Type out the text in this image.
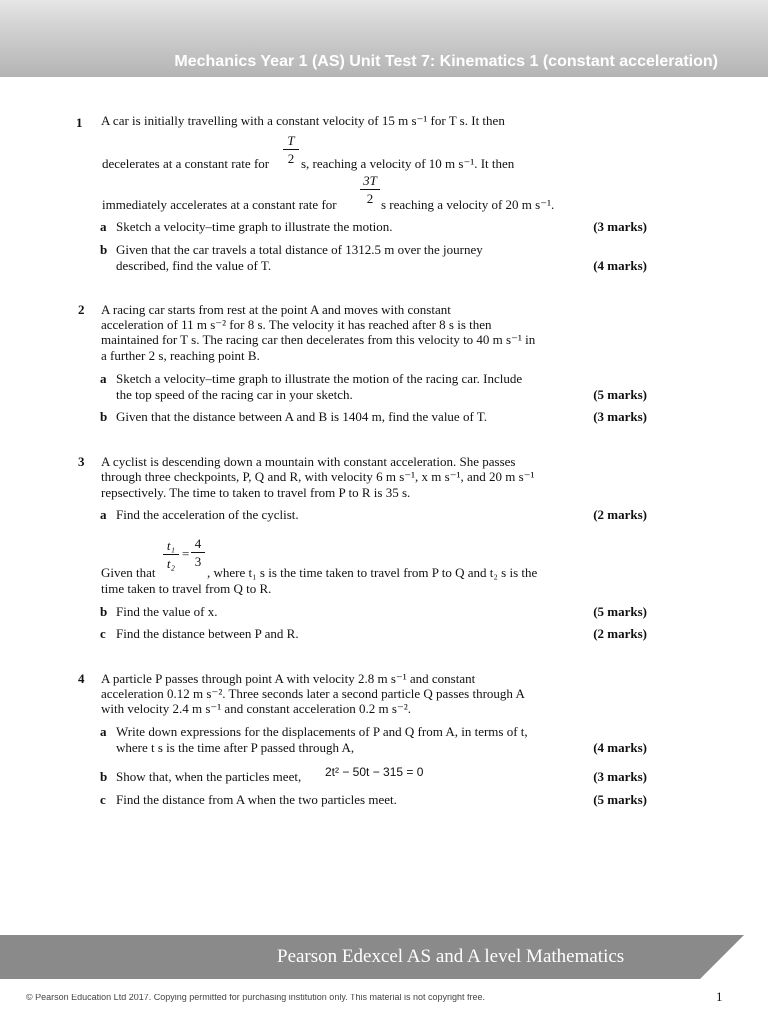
Mechanics Year 1 (AS) Unit Test 7: Kinematics 1 (constant acceleration)
1 A car is initially travelling with a constant velocity of 15 m s⁻¹ for T s. It then
T
2
decelerates at a constant rate for s, reaching a velocity of 10 m s⁻¹. It then
3T
2
immediately accelerates at a constant rate for	s reaching a velocity of 20 m s⁻¹.
a Sketch a velocity–time graph to illustrate the motion.	(3 marks)
b Given that the car travels a total distance of 1312.5 m over the journey
described, find the value of T.	(4 marks)
2 A racing car starts from rest at the point A and moves with constant
acceleration of 11 m s⁻² for 8 s. The velocity it has reached after 8 s is then
maintained for T s. The racing car then decelerates from this velocity to 40 m s⁻¹ in
a further 2 s, reaching point B.
a Sketch a velocity–time graph to illustrate the motion of the racing car. Include
the top speed of the racing car in your sketch.	(5 marks)
b Given that the distance between A and B is 1404 m, find the value of T.	(3 marks)
3 A cyclist is descending down a mountain with constant acceleration. She passes
through three checkpoints, P, Q and R, with velocity 6 m s⁻¹, x m s⁻¹, and 20 m s⁻¹
repsectively. The time to taken to travel from P to R is 35 s.
a Find the acceleration of the cyclist.	(2 marks)
t₁
t₂
=
4
3
Given that	, where t₁ s is the time taken to travel from P to Q and t₂ s is the
time taken to travel from Q to R.
b Find the value of x.	(5 marks)
c Find the distance between P and R.	(2 marks)
4 A particle P passes through point A with velocity 2.8 m s⁻¹ and constant
acceleration 0.12 m s⁻². Three seconds later a second particle Q passes through A
with velocity 2.4 m s⁻¹ and constant acceleration 0.2 m s⁻².
a Write down expressions for the displacements of P and Q from A, in terms of t,
where t s is the time after P passed through A,	(4 marks)
b Show that, when the particles meet, 2t² − 50t − 315 = 0	(3 marks)
c Find the distance from A when the two particles meet.	(5 marks)
Pearson Edexcel AS and A level Mathematics
© Pearson Education Ltd 2017. Copying permitted for purchasing institution only. This material is not copyright free.	1
